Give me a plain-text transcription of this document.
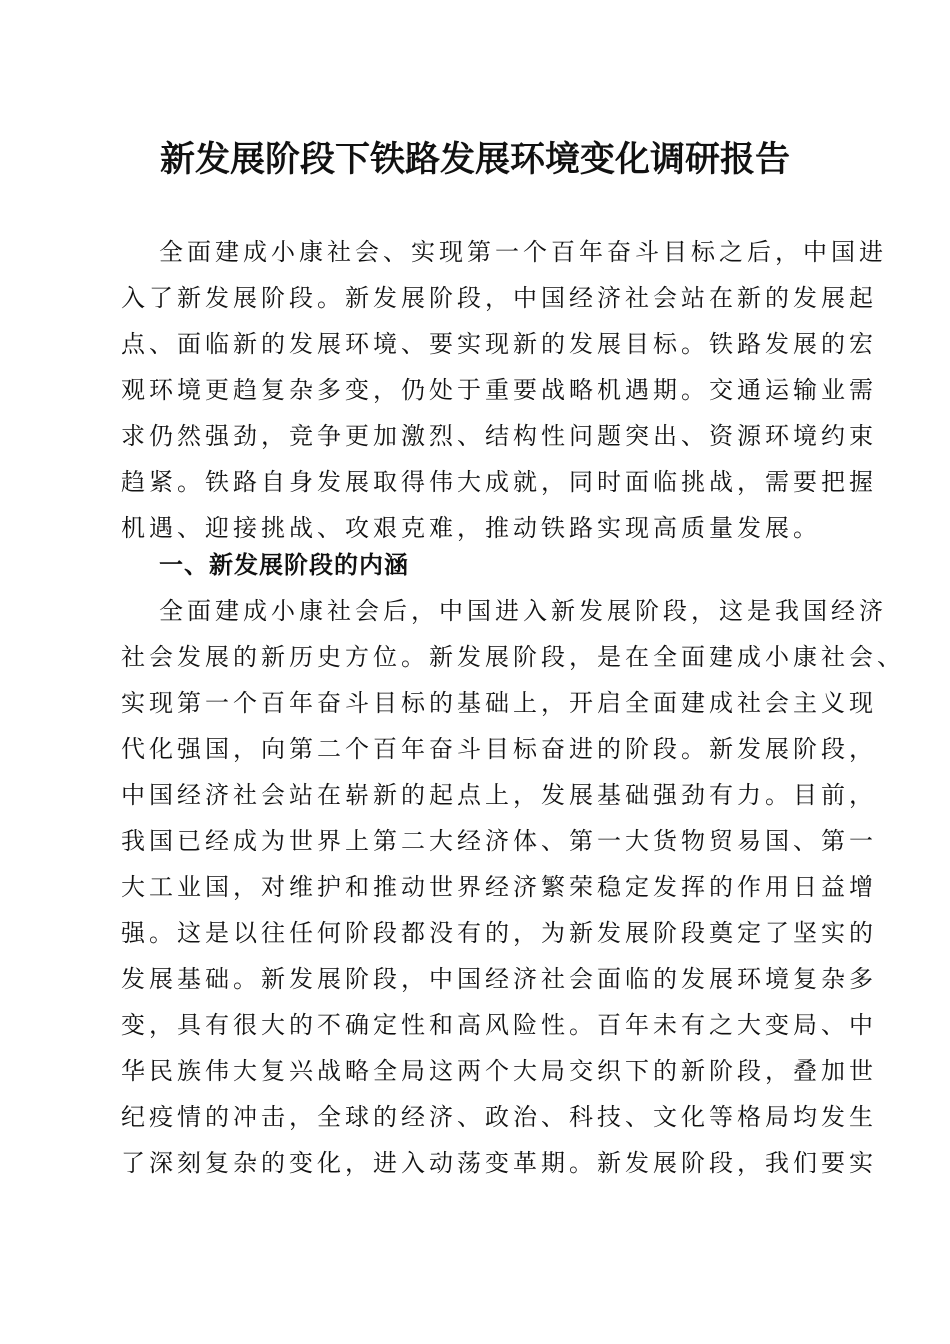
新发展阶段下铁路发展环境变化调研报告
全面建成小康社会、实现第一个百年奋斗目标之后，中国进
入了新发展阶段。新发展阶段，中国经济社会站在新的发展起
点、面临新的发展环境、要实现新的发展目标。铁路发展的宏
观环境更趋复杂多变，仍处于重要战略机遇期。交通运输业需
求仍然强劲，竞争更加激烈、结构性问题突出、资源环境约束
趋紧。铁路自身发展取得伟大成就，同时面临挑战，需要把握
机遇、迎接挑战、攻艰克难，推动铁路实现高质量发展。
一、新发展阶段的内涵
全面建成小康社会后，中国进入新发展阶段，这是我国经济
社会发展的新历史方位。新发展阶段，是在全面建成小康社会、
实现第一个百年奋斗目标的基础上，开启全面建成社会主义现
代化强国，向第二个百年奋斗目标奋进的阶段。新发展阶段，
中国经济社会站在崭新的起点上，发展基础强劲有力。目前，
我国已经成为世界上第二大经济体、第一大货物贸易国、第一
大工业国，对维护和推动世界经济繁荣稳定发挥的作用日益增
强。这是以往任何阶段都没有的，为新发展阶段奠定了坚实的
发展基础。新发展阶段，中国经济社会面临的发展环境复杂多
变，具有很大的不确定性和高风险性。百年未有之大变局、中
华民族伟大复兴战略全局这两个大局交织下的新阶段，叠加世
纪疫情的冲击，全球的经济、政治、科技、文化等格局均发生
了深刻复杂的变化，进入动荡变革期。新发展阶段，我们要实
